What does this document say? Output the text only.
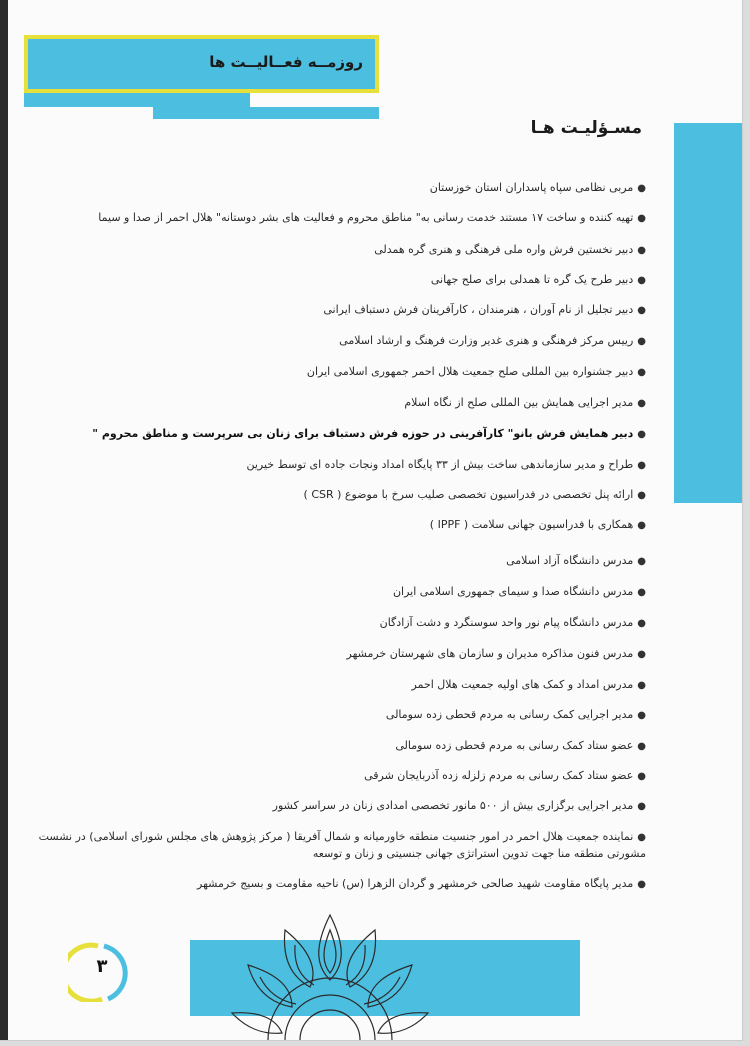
روزمــه فعــالیــت ها
مسـؤلیـت هـا
●مربی نظامی سپاه پاسداران استان خوزستان
●تهیه کننده و ساخت ۱۷ مستند خدمت رسانی به" مناطق محروم و فعالیت های بشر دوستانه" هلال احمر از صدا و سیما
●دبیر نخستین فرش واره ملی فرهنگی و هنری گره همدلی
●دبیر طرح یک گره تا همدلی برای صلح جهانی
●دبیر تجلیل از نام آوران ، هنرمندان ، کارآفرینان فرش دستباف ایرانی
●رییس مرکز فرهنگی و هنری غدیر وزارت فرهنگ و ارشاد اسلامی
●دبیر جشنواره بین المللی صلح جمعیت هلال احمر جمهوری اسلامی ایران
●مدیر اجرایی همایش بین المللی صلح از نگاه اسلام
●دبیر همایش فرش بانو" کارآفرینی در حوزه فرش دستباف برای زنان بی سرپرست و مناطق محروم "
●طراح و مدیر سازماندهی ساخت بیش از ۳۳ پایگاه امداد ونجات جاده ای توسط خیرین
●ارائه پنل تخصصی در فدراسیون تخصصی صلیب سرخ با موضوع ( CSR )
●همکاری با فدراسیون جهانی سلامت ( IPPF )
●مدرس دانشگاه آزاد اسلامی
●مدرس دانشگاه صدا و سیمای جمهوری اسلامی ایران
●مدرس دانشگاه پیام نور واحد سوسنگرد و دشت آزادگان
●مدرس فنون مذاکره مدیران و سازمان های شهرستان خرمشهر
●مدرس امداد و کمک های اولیه جمعیت هلال احمر
●مدیر اجرایی کمک رسانی به مردم قحطی زده سومالی
●عضو ستاد کمک رسانی به مردم قحطی زده سومالی
●عضو ستاد کمک رسانی به مردم زلزله زده آذربایجان شرقی
●مدیر اجرایی برگزاری بیش از ۵۰۰ مانور تخصصی امدادی زنان در سراسر کشور
●نماینده جمعیت هلال احمر در امور جنسیت منطقه خاورمیانه و شمال آفریقا ( مرکز پژوهش های مجلس شورای اسلامی) در نشست مشورتی منطقه منا جهت تدوین استراتژی جهانی جنسیتی و زنان و توسعه
●مدیر پایگاه مقاومت شهید صالحی خرمشهر و گردان الزهرا (س) ناحیه مقاومت و بسیج خرمشهر
۳
